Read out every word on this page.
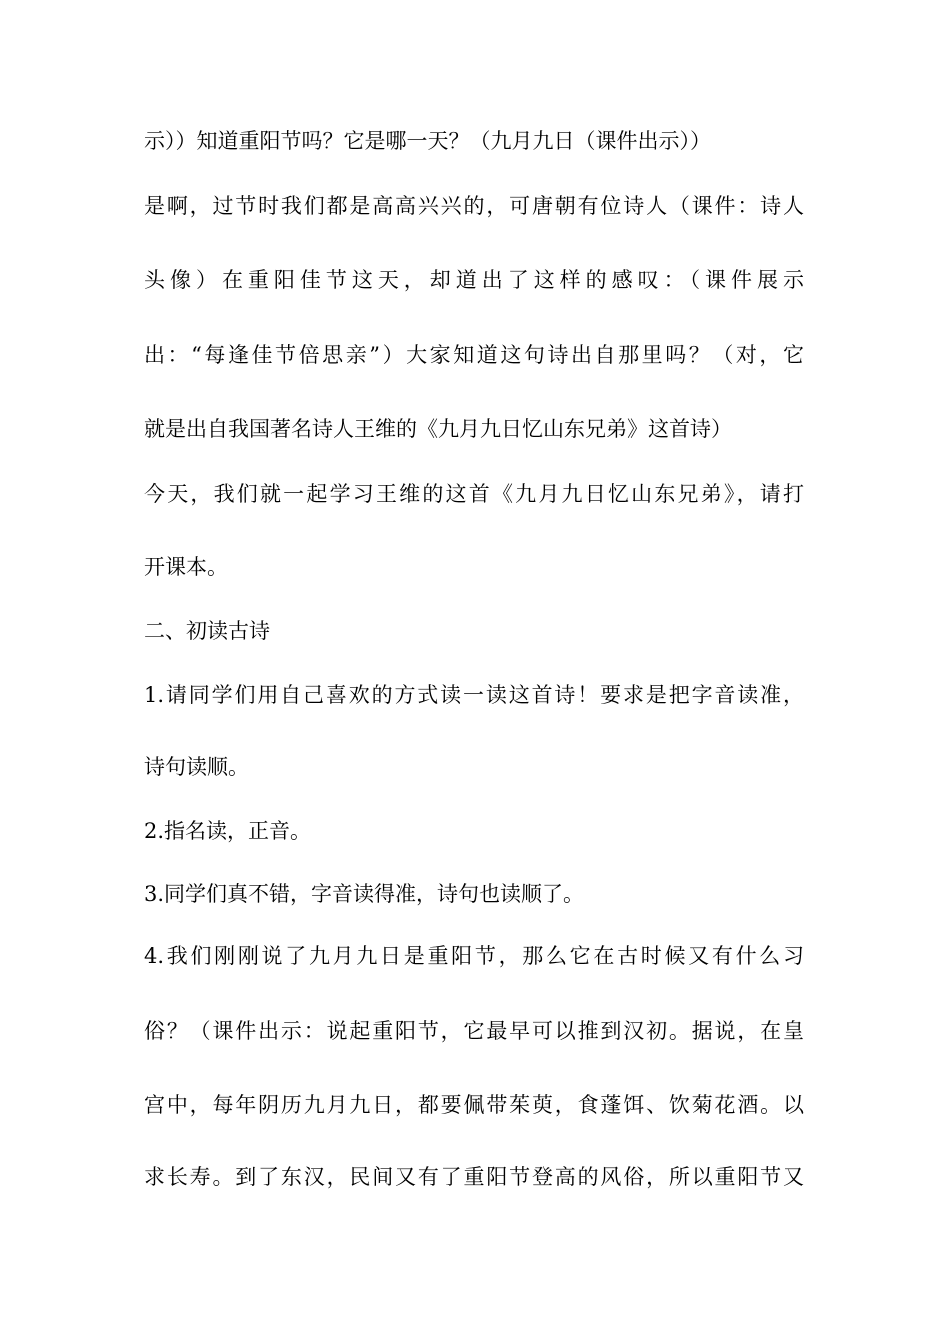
示））知道重阳节吗？它是哪一天？（九月九日（课件出示））
是啊，过节时我们都是高高兴兴的，可唐朝有位诗人（课件：诗人
头像）在重阳佳节这天，却道出了这样的感叹：（课件展示
出：“每逢佳节倍思亲”）大家知道这句诗出自那里吗？（对，它
就是出自我国著名诗人王维的《九月九日忆山东兄弟》这首诗）
今天，我们就一起学习王维的这首《九月九日忆山东兄弟》，请打
开课本。
二、初读古诗
1.请同学们用自己喜欢的方式读一读这首诗！要求是把字音读准，
诗句读顺。
2.指名读，正音。
3.同学们真不错，字音读得准，诗句也读顺了。
4.我们刚刚说了九月九日是重阳节，那么它在古时候又有什么习
俗？（课件出示：说起重阳节，它最早可以推到汉初。据说，在皇
宫中，每年阴历九月九日，都要佩带茱萸，食蓬饵、饮菊花酒。以
求长寿。到了东汉，民间又有了重阳节登高的风俗，所以重阳节又
